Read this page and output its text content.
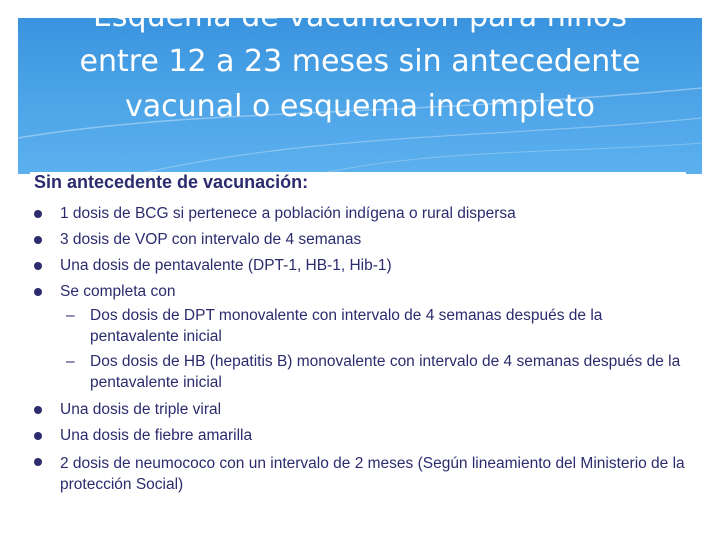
Esquema de vacunación para niños
entre 12 a 23 meses sin antecedente
vacunal o esquema incompleto
Sin antecedente de vacunación:
1 dosis de BCG si pertenece a población indígena o rural dispersa
3 dosis de VOP con intervalo de 4 semanas
Una dosis de pentavalente (DPT-1, HB-1, Hib-1)
Se completa con
– Dos dosis de DPT monovalente con intervalo de 4 semanas después de la pentavalente inicial
– Dos dosis de HB (hepatitis B) monovalente con intervalo de 4 semanas después de la pentavalente inicial
Una dosis de triple viral
Una dosis de fiebre amarilla
2 dosis de neumococo con un intervalo de 2 meses (Según lineamiento del Ministerio de la protección Social)
